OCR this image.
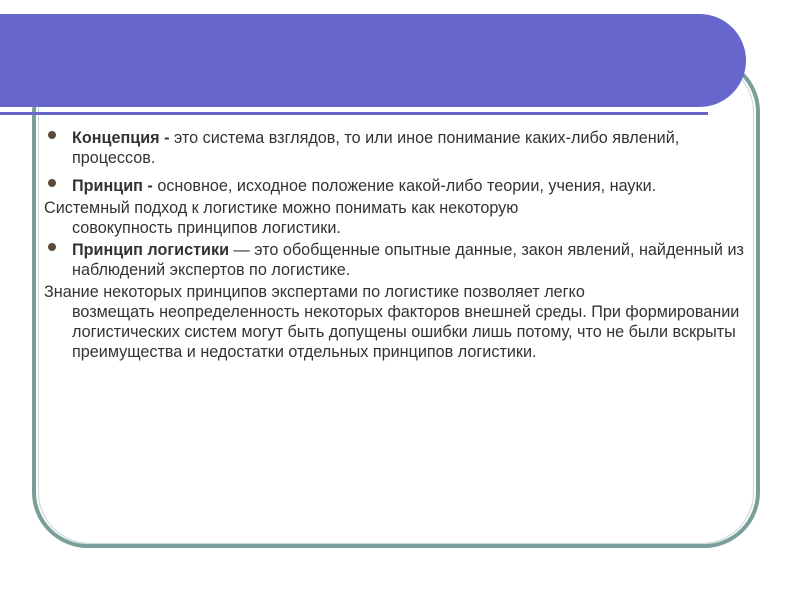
Концепция - это система взглядов, то или иное понимание каких-либо явлений, процессов.
Принцип - основное, исходное положение какой-либо теории, учения, науки.
Системный подход к логистике можно понимать как некоторую
совокупность принципов логистики.
Принцип логистики — это обобщенные опытные данные, закон явлений, найденный из наблюдений экспертов по логистике.
Знание некоторых принципов экспертами по логистике позволяет легко
возмещать неопределенность некоторых факторов внешней среды. При формировании логистических систем могут быть допущены ошибки лишь потому, что не были вскрыты преимущества и недостатки отдельных принципов логистики.
